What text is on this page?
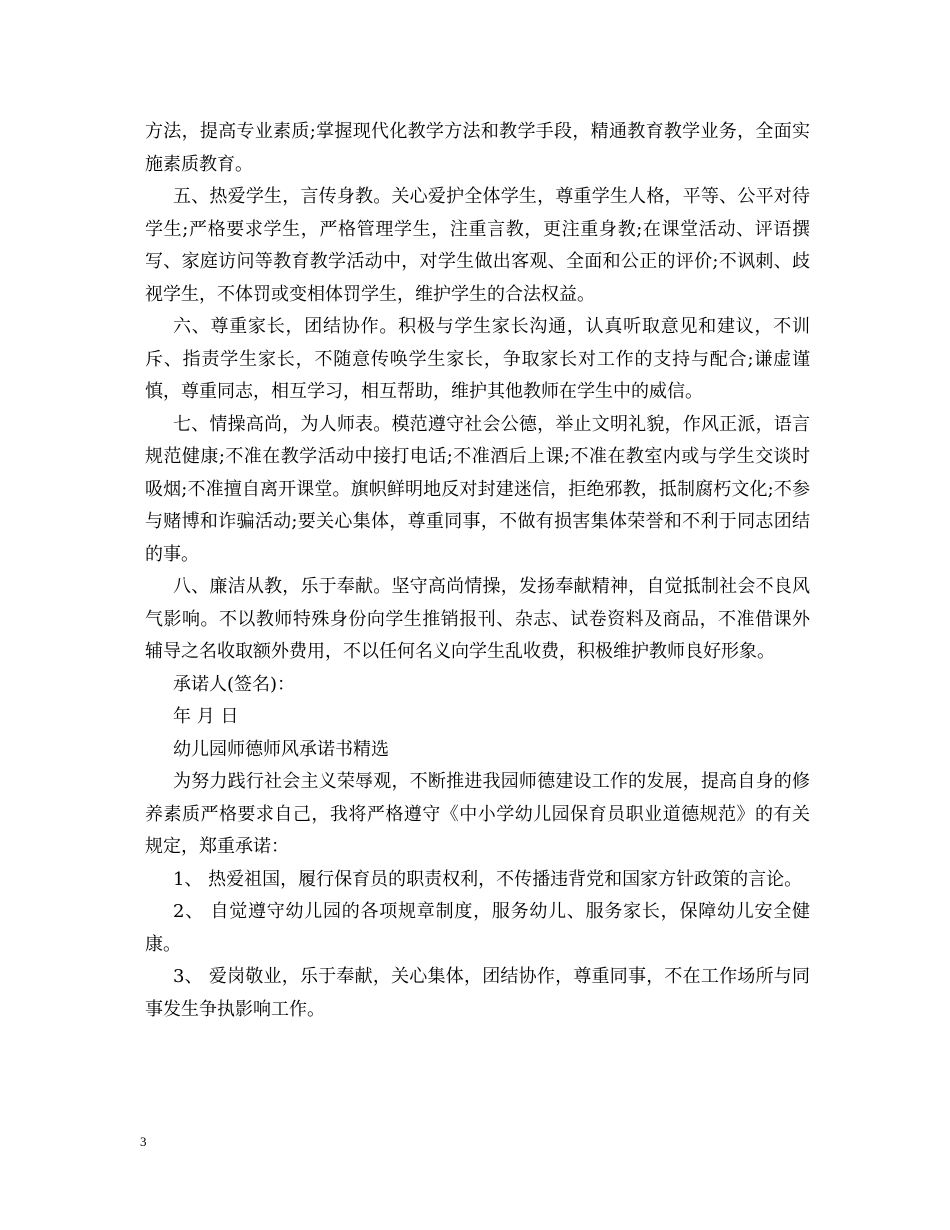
方法，提高专业素质;掌握现代化教学方法和教学手段，精通教育教学业务，全面实施素质教育。

五、热爱学生，言传身教。关心爱护全体学生，尊重学生人格，平等、公平对待学生;严格要求学生，严格管理学生，注重言教，更注重身教;在课堂活动、评语撰写、家庭访问等教育教学活动中，对学生做出客观、全面和公正的评价;不讽刺、歧视学生，不体罚或变相体罚学生，维护学生的合法权益。

六、尊重家长，团结协作。积极与学生家长沟通，认真听取意见和建议，不训斥、指责学生家长，不随意传唤学生家长，争取家长对工作的支持与配合;谦虚谨慎，尊重同志，相互学习，相互帮助，维护其他教师在学生中的威信。

七、情操高尚，为人师表。模范遵守社会公德，举止文明礼貌，作风正派，语言规范健康;不准在教学活动中接打电话;不准酒后上课;不准在教室内或与学生交谈时吸烟;不准擅自离开课堂。旗帜鲜明地反对封建迷信，拒绝邪教，抵制腐朽文化;不参与赌博和诈骗活动;要关心集体，尊重同事，不做有损害集体荣誉和不利于同志团结的事。

八、廉洁从教，乐于奉献。坚守高尚情操，发扬奉献精神，自觉抵制社会不良风气影响。不以教师特殊身份向学生推销报刊、杂志、试卷资料及商品，不准借课外辅导之名收取额外费用，不以任何名义向学生乱收费，积极维护教师良好形象。

承诺人(签名)：

年 月 日

幼儿园师德师风承诺书精选

为努力践行社会主义荣辱观，不断推进我园师德建设工作的发展，提高自身的修养素质严格要求自己，我将严格遵守《中小学幼儿园保育员职业道德规范》的有关规定，郑重承诺：

1、 热爱祖国，履行保育员的职责权利，不传播违背党和国家方针政策的言论。

2、 自觉遵守幼儿园的各项规章制度，服务幼儿、服务家长，保障幼儿安全健康。

3、 爱岗敬业，乐于奉献，关心集体，团结协作，尊重同事，不在工作场所与同事发生争执影响工作。

3
